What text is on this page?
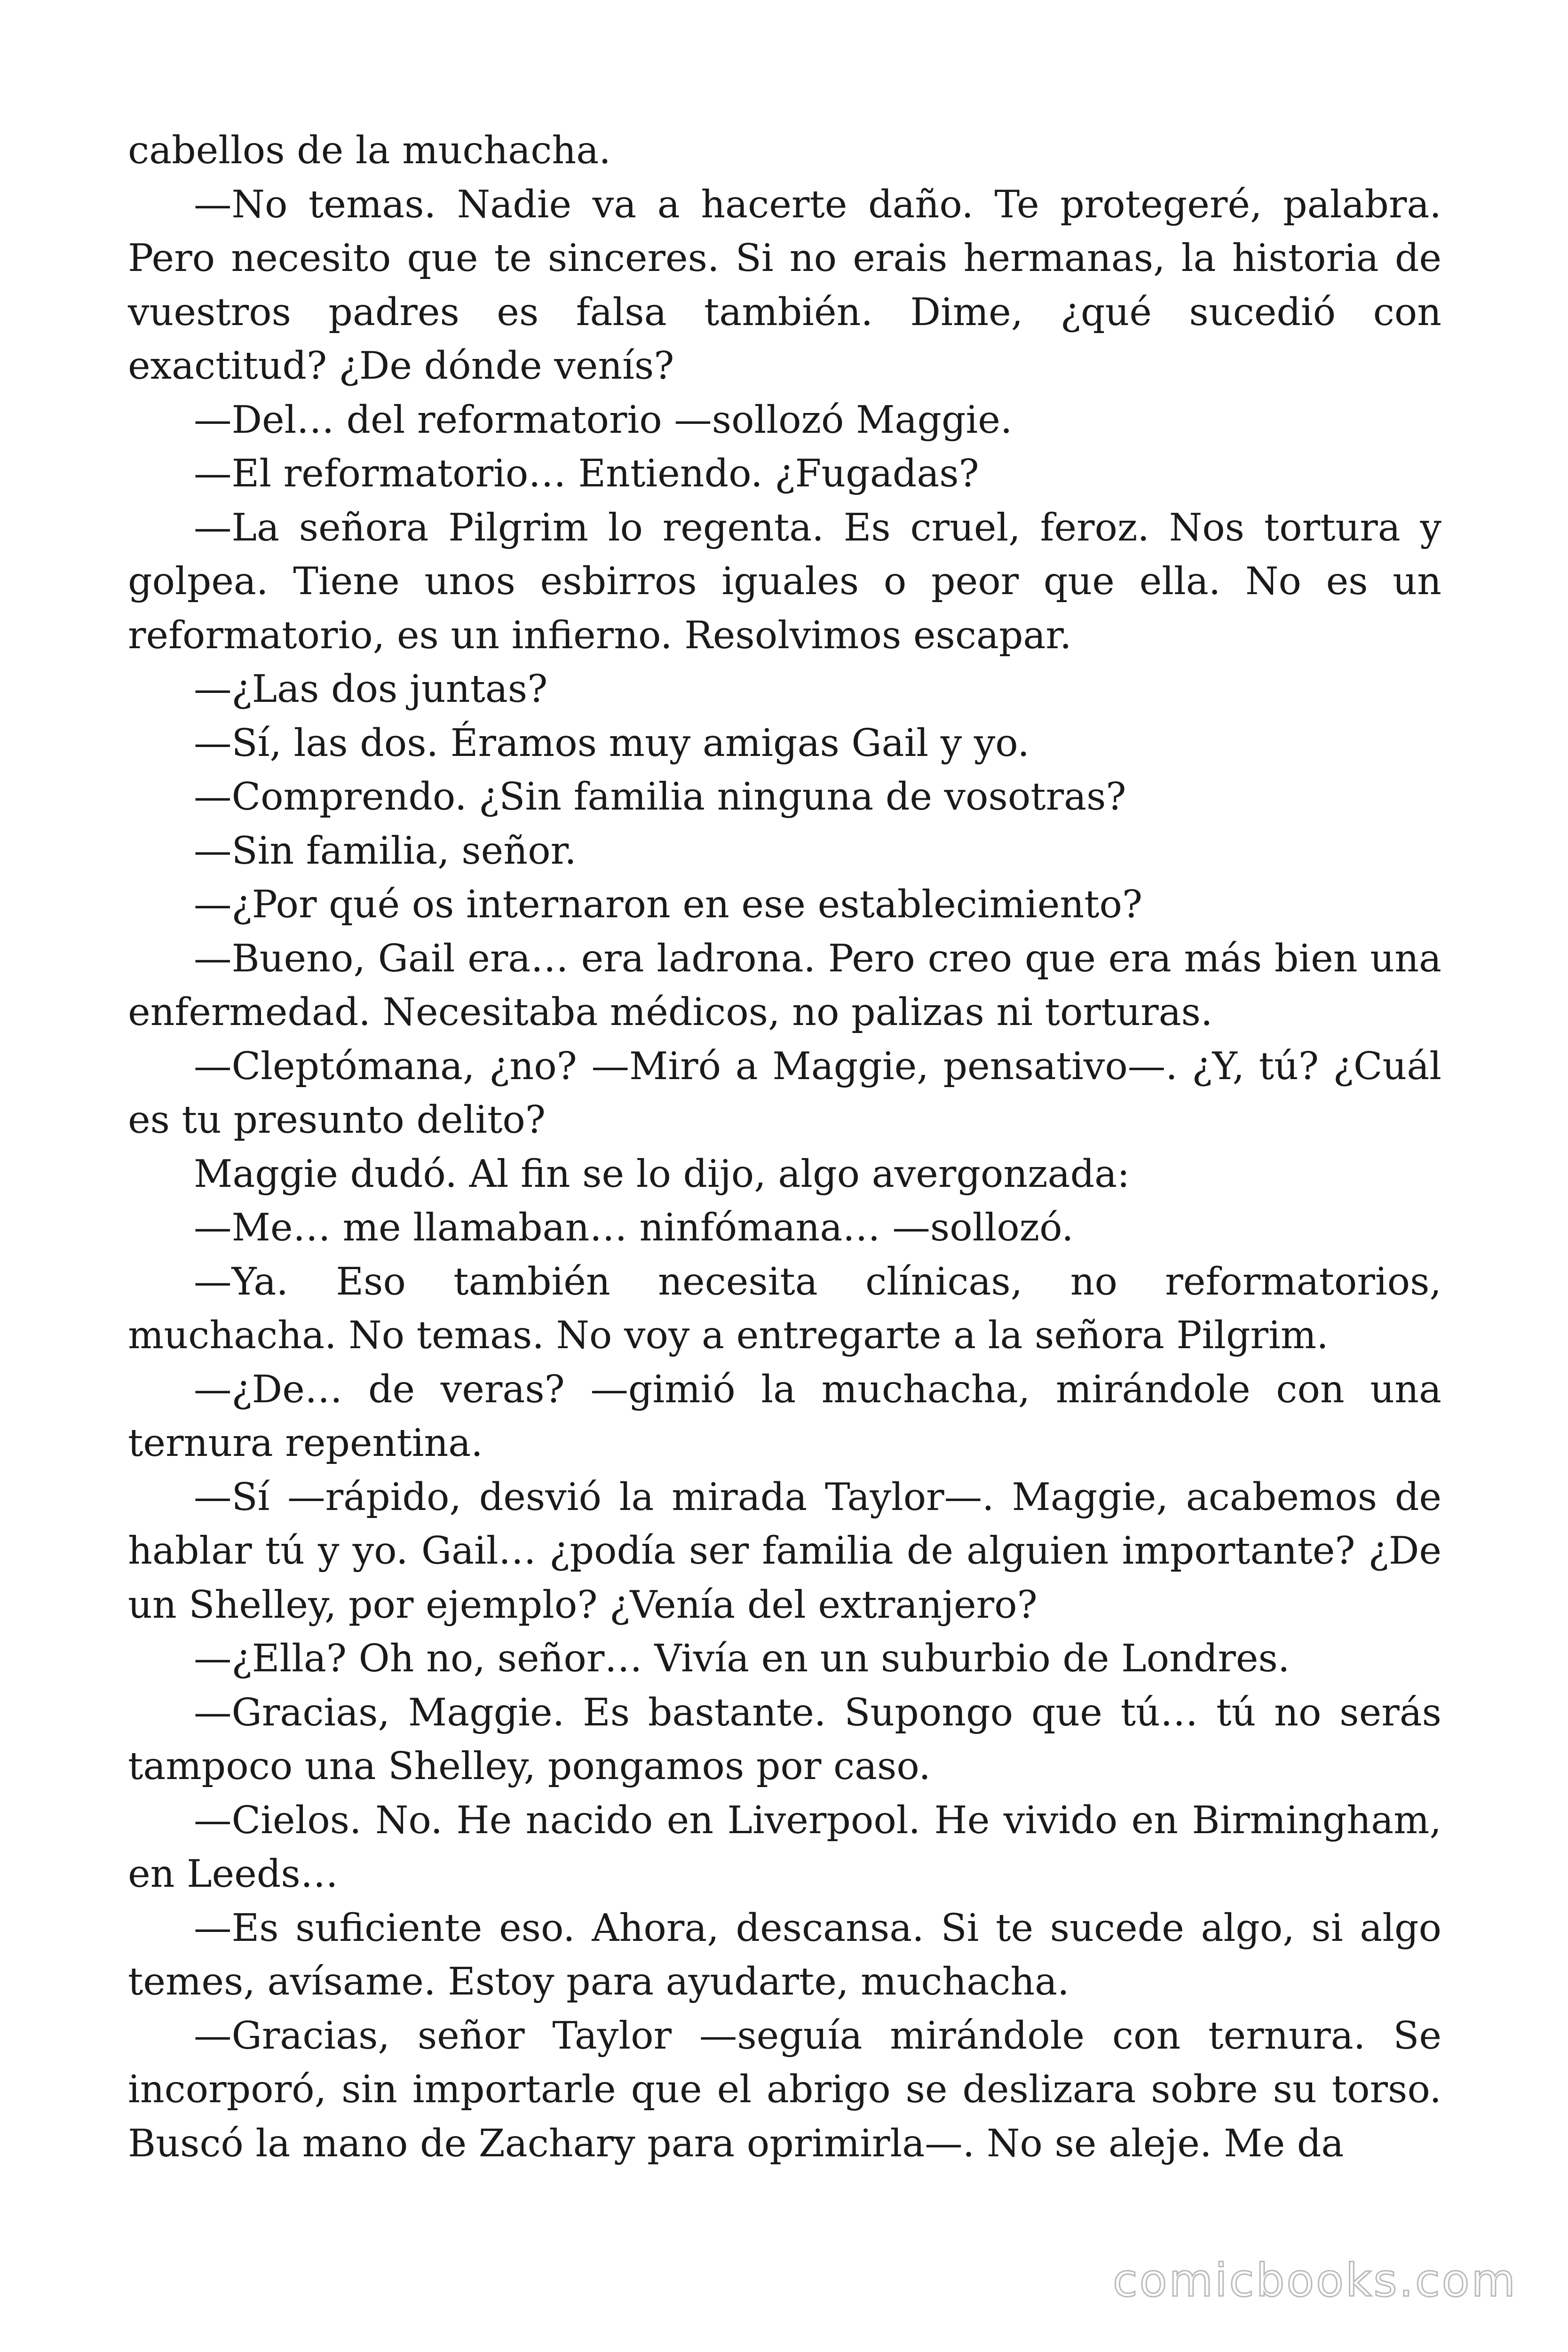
cabellos de la muchacha.

—No temas. Nadie va a hacerte daño. Te protegeré, palabra. Pero necesito que te sinceres. Si no erais hermanas, la historia de vuestros padres es falsa también. Dime, ¿qué sucedió con exactitud? ¿De dónde venís?

—Del… del reformatorio —sollozó Maggie.

—El reformatorio… Entiendo. ¿Fugadas?

—La señora Pilgrim lo regenta. Es cruel, feroz. Nos tortura y golpea. Tiene unos esbirros iguales o peor que ella. No es un reformatorio, es un infierno. Resolvimos escapar.

—¿Las dos juntas?

—Sí, las dos. Éramos muy amigas Gail y yo.

—Comprendo. ¿Sin familia ninguna de vosotras?

—Sin familia, señor.

—¿Por qué os internaron en ese establecimiento?

—Bueno, Gail era… era ladrona. Pero creo que era más bien una enfermedad. Necesitaba médicos, no palizas ni torturas.

—Cleptómana, ¿no? —Miró a Maggie, pensativo—. ¿Y, tú? ¿Cuál es tu presunto delito?

Maggie dudó. Al fin se lo dijo, algo avergonzada:

—Me… me llamaban… ninfómana… —sollozó.

—Ya. Eso también necesita clínicas, no reformatorios, muchacha. No temas. No voy a entregarte a la señora Pilgrim.

—¿De… de veras? —gimió la muchacha, mirándole con una ternura repentina.

—Sí —rápido, desvió la mirada Taylor—. Maggie, acabemos de hablar tú y yo. Gail… ¿podía ser familia de alguien importante? ¿De un Shelley, por ejemplo? ¿Venía del extranjero?

—¿Ella? Oh no, señor… Vivía en un suburbio de Londres.

—Gracias, Maggie. Es bastante. Supongo que tú… tú no serás tampoco una Shelley, pongamos por caso.

—Cielos. No. He nacido en Liverpool. He vivido en Birmingham, en Leeds…

—Es suficiente eso. Ahora, descansa. Si te sucede algo, si algo temes, avísame. Estoy para ayudarte, muchacha.

—Gracias, señor Taylor —seguía mirándole con ternura. Se incorporó, sin importarle que el abrigo se deslizara sobre su torso. Buscó la mano de Zachary para oprimirla—. No se aleje. Me da

comicbooks.com
